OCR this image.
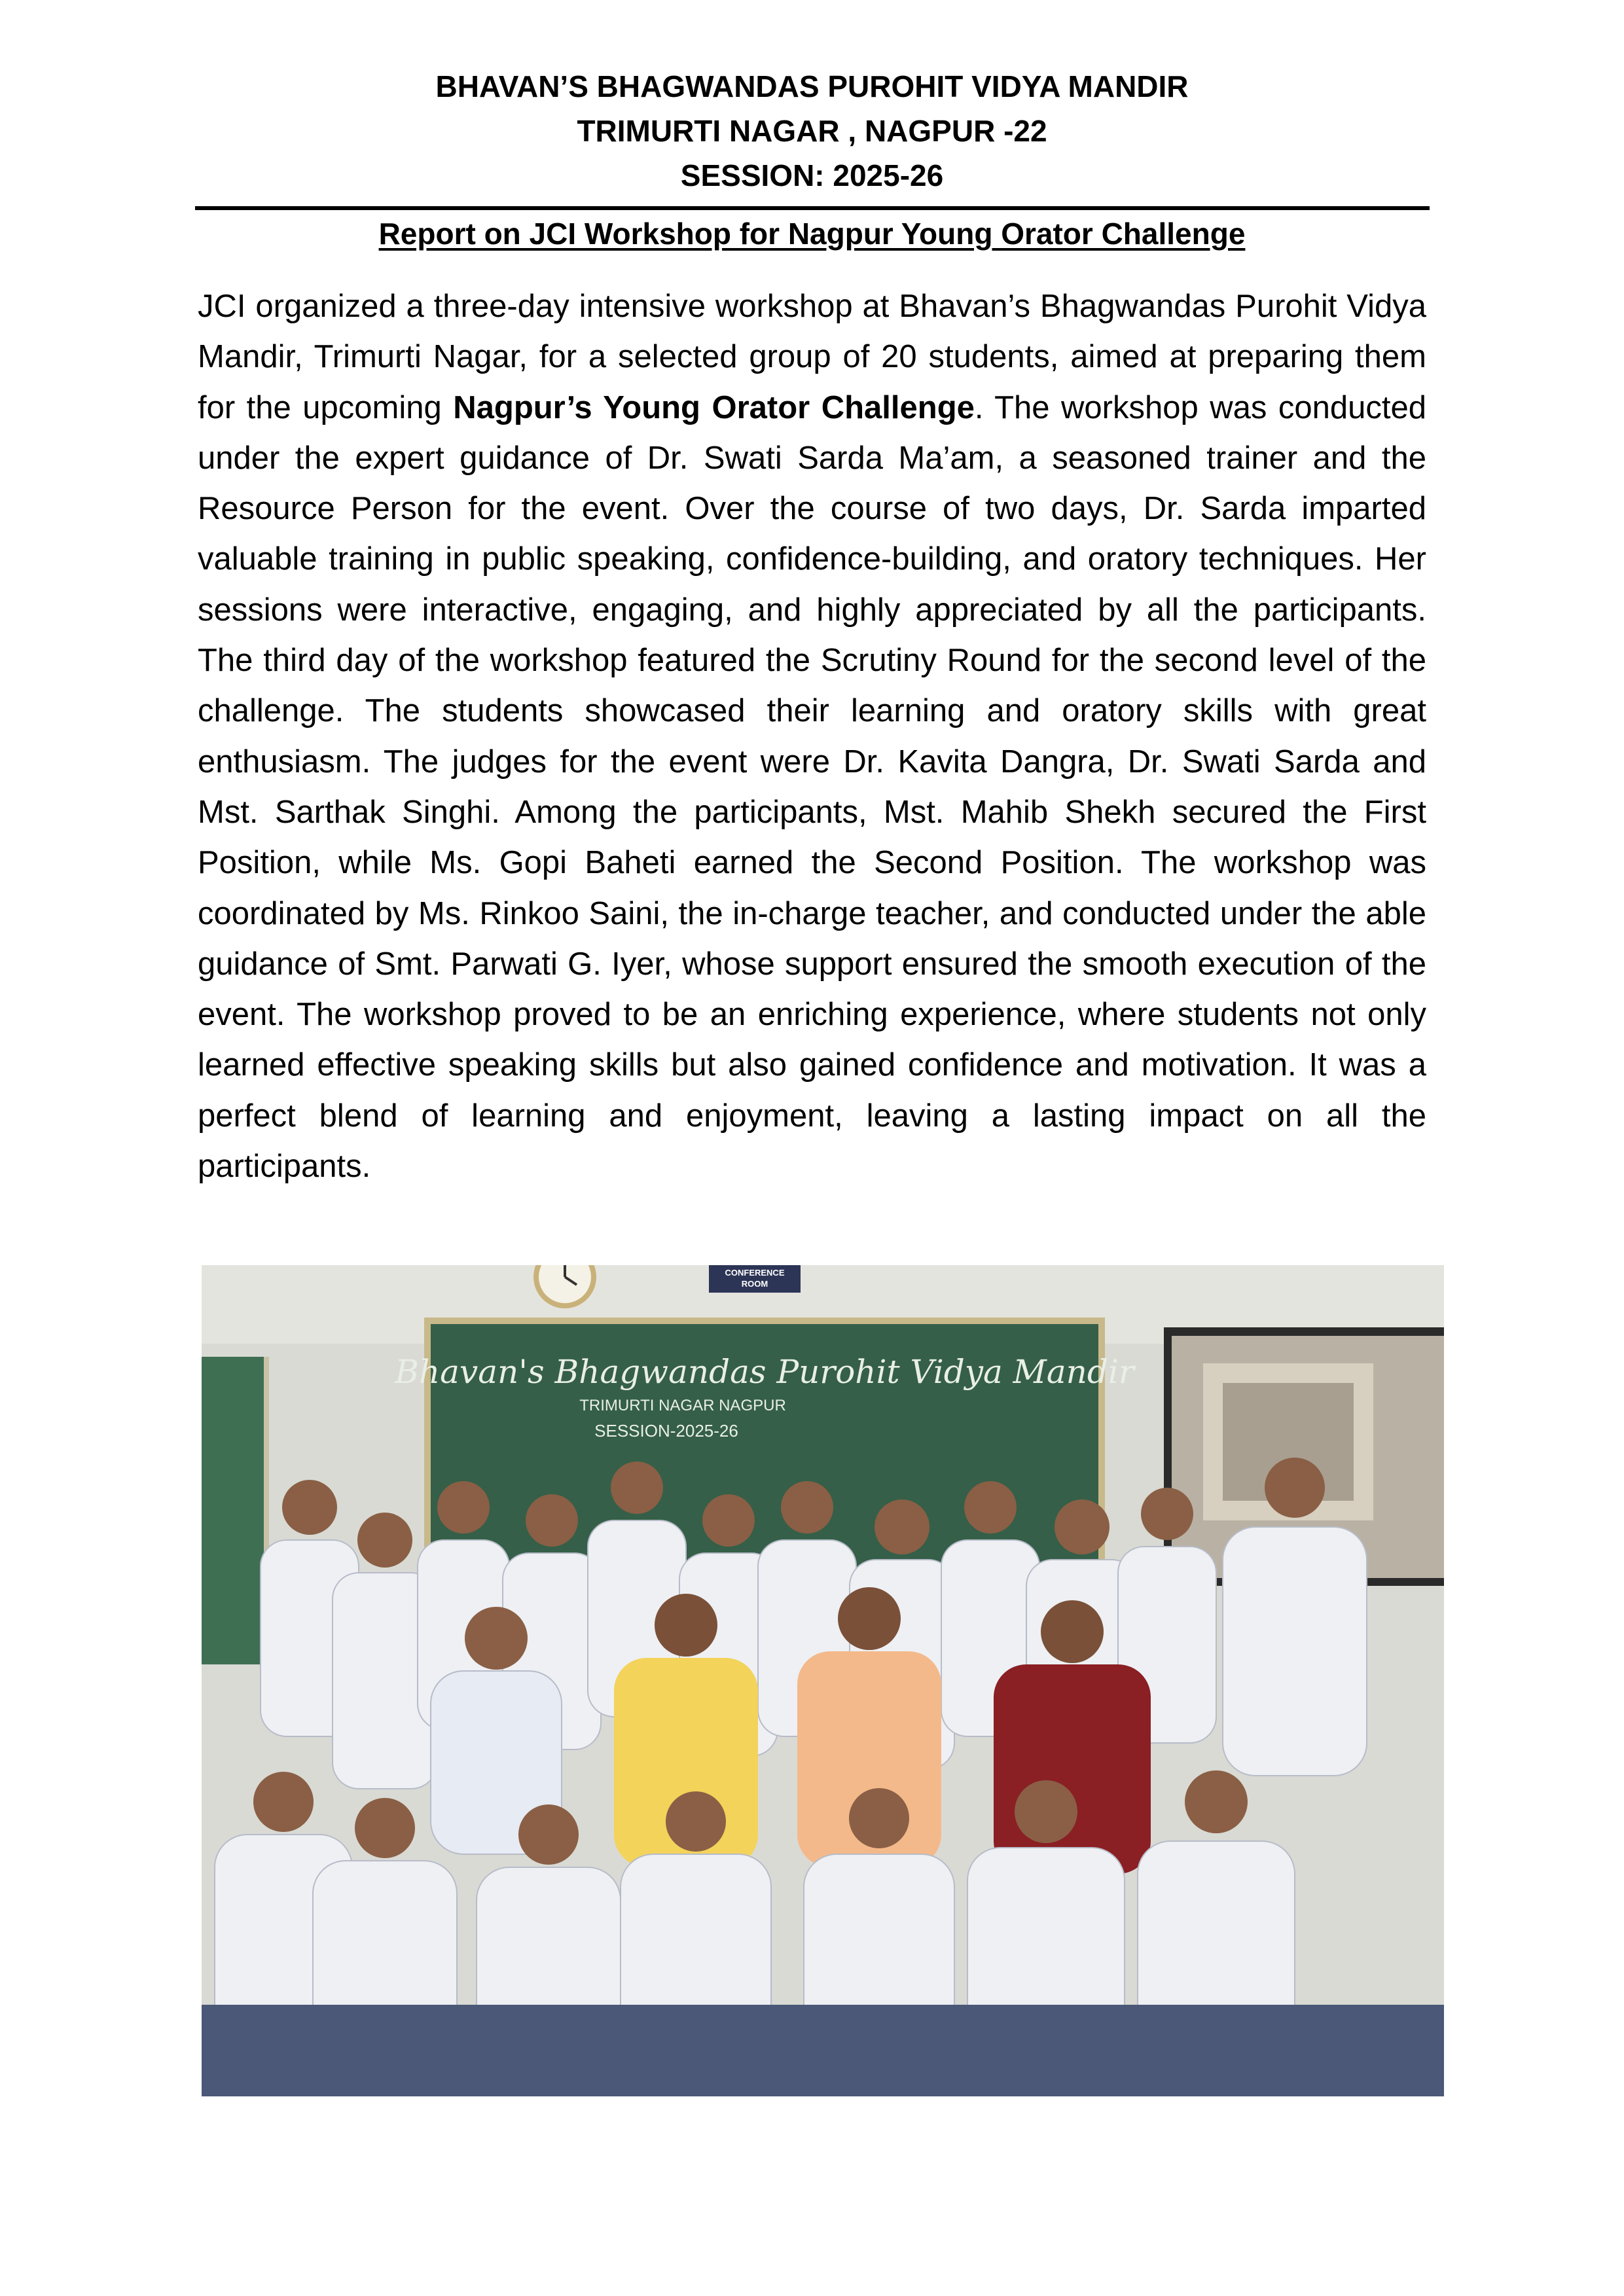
BHAVAN’S BHAGWANDAS PUROHIT VIDYA MANDIR
TRIMURTI NAGAR , NAGPUR -22
SESSION: 2025-26
Report on JCI Workshop for Nagpur Young Orator Challenge

JCI organized a three-day intensive workshop at Bhavan’s Bhagwandas Purohit Vidya Mandir, Trimurti Nagar, for a selected group of 20 students, aimed at preparing them for the upcoming Nagpur’s Young Orator Challenge. The workshop was conducted under the expert guidance of Dr. Swati Sarda Ma’am, a seasoned trainer and the Resource Person for the event. Over the course of two days, Dr. Sarda imparted valuable training in public speaking, confidence-building, and oratory techniques. Her sessions were interactive, engaging, and highly appreciated by all the participants. The third day of the workshop featured the Scrutiny Round for the second level of the challenge. The students showcased their learning and oratory skills with great enthusiasm. The judges for the event were Dr. Kavita Dangra, Dr. Swati Sarda and Mst. Sarthak Singhi. Among the participants, Mst. Mahib Shekh secured the First Position, while Ms. Gopi Baheti earned the Second Position. The workshop was coordinated by Ms. Rinkoo Saini, the in-charge teacher, and conducted under the able guidance of Smt. Parwati G. Iyer, whose support ensured the smooth execution of the event. The workshop proved to be an enriching experience, where students not only learned effective speaking skills but also gained confidence and motivation. It was a perfect blend of learning and enjoyment, leaving a lasting impact on all the participants.

CONFERENCE
ROOM
Bhavan's Bhagwandas Purohit Vidya Mandir
TRIMURTI NAGAR NAGPUR
SESSION-2025-26
